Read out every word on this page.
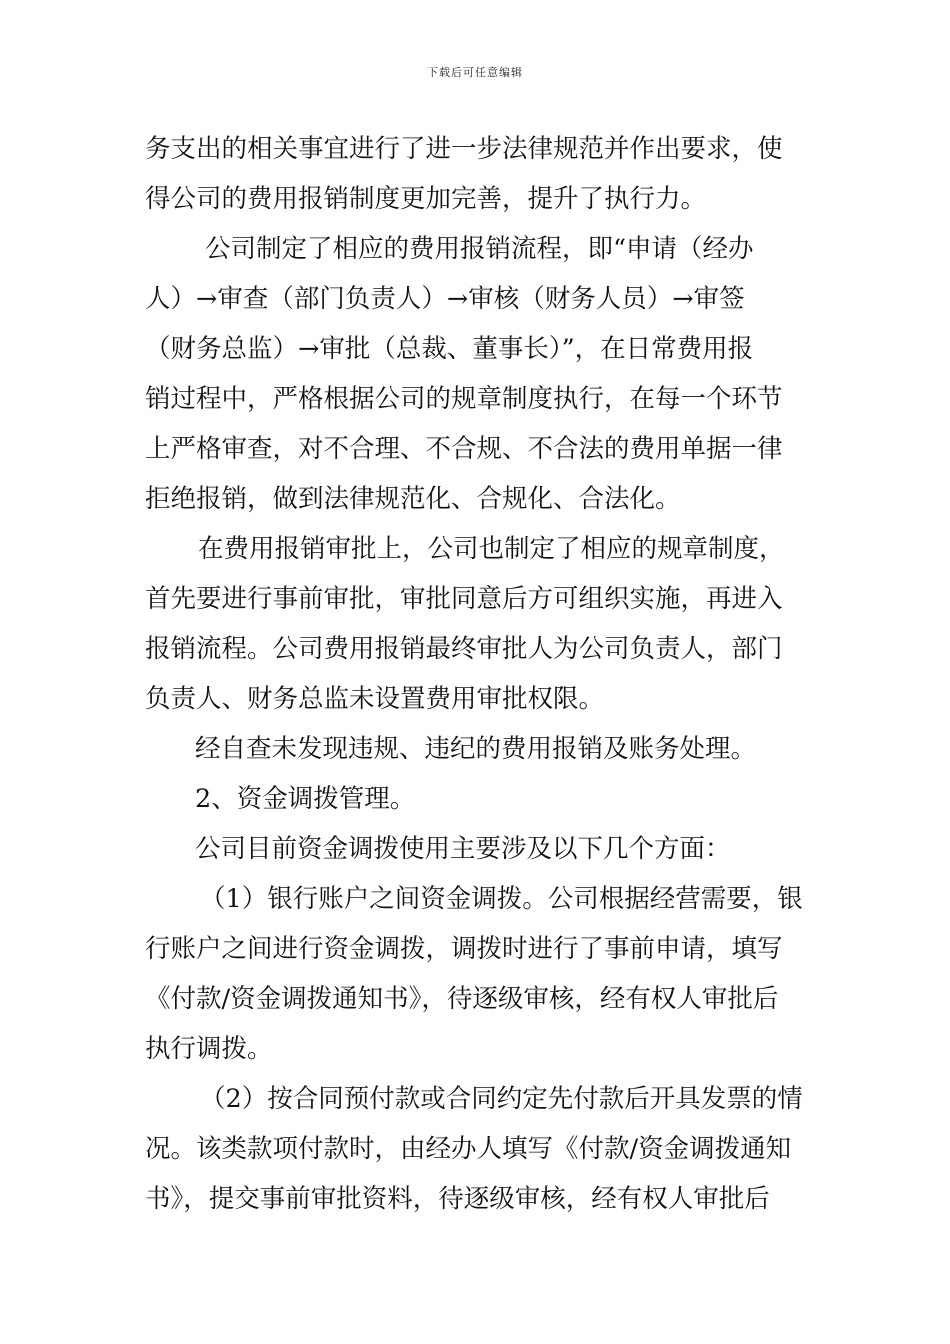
下载后可任意编辑
务支出的相关事宜进行了进一步法律规范并作出要求，使
得公司的费用报销制度更加完善，提升了执行力。
公司制定了相应的费用报销流程，即“申请（经办
人）→审查（部门负责人）→审核（财务人员）→审签
（财务总监）→审批（总裁、董事长）”，在日常费用报
销过程中，严格根据公司的规章制度执行，在每一个环节
上严格审查，对不合理、不合规、不合法的费用单据一律
拒绝报销，做到法律规范化、合规化、合法化。
在费用报销审批上，公司也制定了相应的规章制度，
首先要进行事前审批，审批同意后方可组织实施，再进入
报销流程。公司费用报销最终审批人为公司负责人，部门
负责人、财务总监未设置费用审批权限。
经自查未发现违规、违纪的费用报销及账务处理。
2、资金调拨管理。
公司目前资金调拨使用主要涉及以下几个方面：
（1）银行账户之间资金调拨。公司根据经营需要，银
行账户之间进行资金调拨，调拨时进行了事前申请，填写
《付款/资金调拨通知书》，待逐级审核，经有权人审批后
执行调拨。
（2）按合同预付款或合同约定先付款后开具发票的情
况。该类款项付款时，由经办人填写《付款/资金调拨通知
书》，提交事前审批资料，待逐级审核，经有权人审批后
